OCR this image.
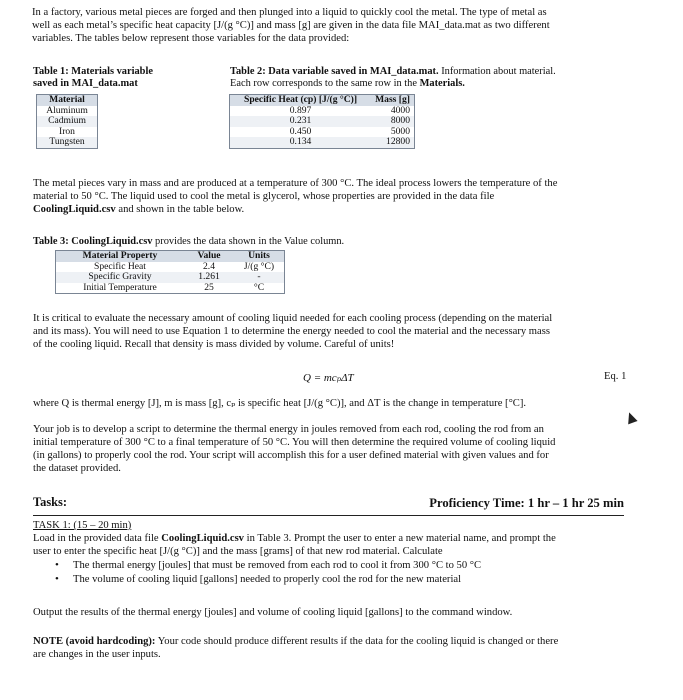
In a factory, various metal pieces are forged and then plunged into a liquid to quickly cool the metal. The type of metal as

well as each metal’s specific heat capacity [J/(g °C)] and mass [g] are given in the data file MAI_data.mat as two different

variables. The tables below represent those variables for the data provided:

Table 1: Materials variable

saved in MAI_data.mat

Material
Aluminum
Cadmium
Iron
Tungsten

Table 2: Data variable saved in MAI_data.mat. Information about material.

Each row corresponds to the same row in the Materials.

Specific Heat (cp) [J/(g °C)]	Mass [g]
0.897	4000
0.231	8000
0.450	5000
0.134	12800

The metal pieces vary in mass and are produced at a temperature of 300 °C. The ideal process lowers the temperature of the

material to 50 °C. The liquid used to cool the metal is glycerol, whose properties are provided in the data file

CoolingLiquid.csv and shown in the table below.

Table 3: CoolingLiquid.csv provides the data shown in the Value column.

Material Property	Value	Units
Specific Heat	2.4	J/(g °C)
Specific Gravity	1.261	-
Initial Temperature	25	°C

It is critical to evaluate the necessary amount of cooling liquid needed for each cooling process (depending on the material

and its mass). You will need to use Equation 1 to determine the energy needed to cool the material and the necessary mass

of the cooling liquid. Recall that density is mass divided by volume. Careful of units!

Q = mcₚΔT	Eq. 1

where Q is thermal energy [J], m is mass [g], cₚ is specific heat [J/(g °C)], and ΔT is the change in temperature [°C].

Your job is to develop a script to determine the thermal energy in joules removed from each rod, cooling the rod from an

initial temperature of 300 °C to a final temperature of 50 °C. You will then determine the required volume of cooling liquid

(in gallons) to properly cool the rod. Your script will accomplish this for a user defined material with given values and for

the dataset provided.

Tasks:	Proficiency Time: 1 hr – 1 hr 25 min
TASK 1: (15 – 20 min)

Load in the provided data file CoolingLiquid.csv in Table 3. Prompt the user to enter a new material name, and prompt the

user to enter the specific heat [J/(g °C)] and the mass [grams] of that new rod material. Calculate

• The thermal energy [joules] that must be removed from each rod to cool it from 300 °C to 50 °C

• The volume of cooling liquid [gallons] needed to properly cool the rod for the new material

Output the results of the thermal energy [joules] and volume of cooling liquid [gallons] to the command window.

NOTE (avoid hardcoding): Your code should produce different results if the data for the cooling liquid is changed or there

are changes in the user inputs.
